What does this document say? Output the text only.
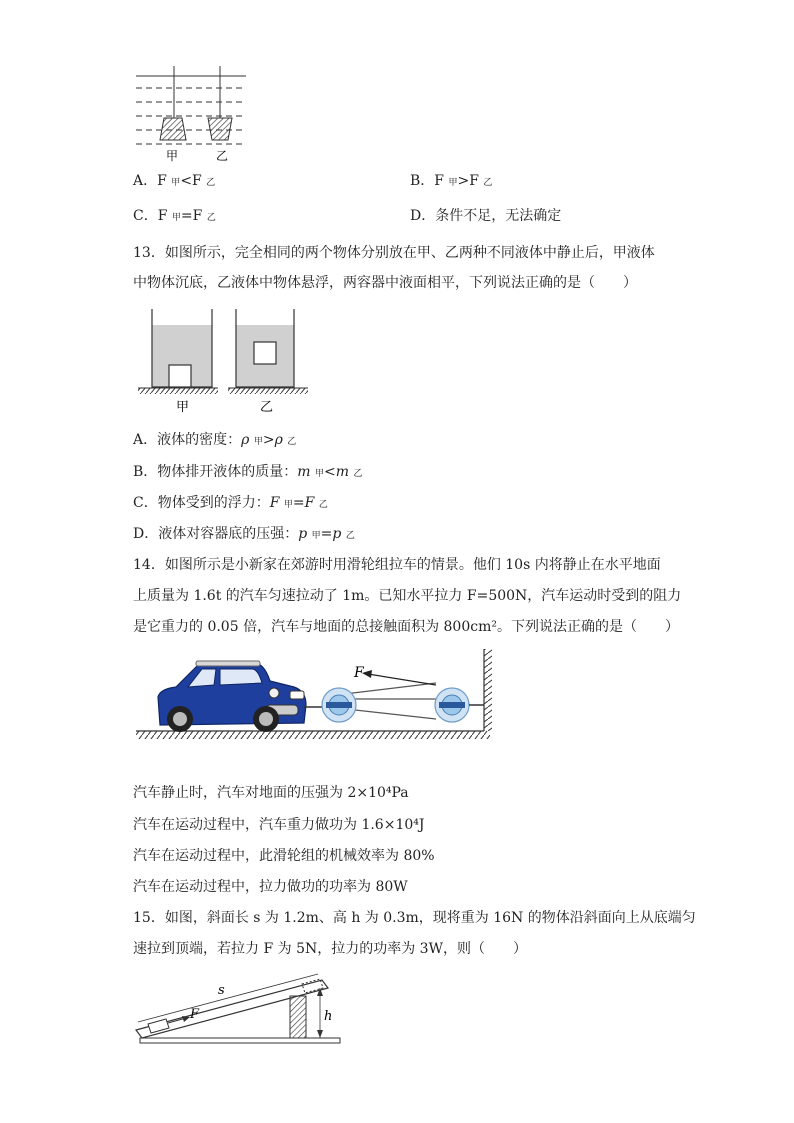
甲	乙
A．F 甲<F 乙	B．F 甲>F 乙
C．F 甲=F 乙	D．条件不足，无法确定
13．如图所示，完全相同的两个物体分别放在甲、乙两种不同液体中静止后，甲液体
中物体沉底，乙液体中物体悬浮，两容器中液面相平，下列说法正确的是（　　）
甲	乙
A．液体的密度：ρ 甲>ρ 乙
B．物体排开液体的质量：m 甲<m 乙
C．物体受到的浮力：F 甲=F 乙
D．液体对容器底的压强：p 甲=p 乙
14．如图所示是小新家在郊游时用滑轮组拉车的情景。他们 10s 内将静止在水平地面
上质量为 1.6t 的汽车匀速拉动了 1m。已知水平拉力 F=500N，汽车运动时受到的阻力
是它重力的 0.05 倍，汽车与地面的总接触面积为 800cm²。下列说法正确的是（　　）
F
汽车静止时，汽车对地面的压强为 2×10⁴Pa
汽车在运动过程中，汽车重力做功为 1.6×10⁴J
汽车在运动过程中，此滑轮组的机械效率为 80%
汽车在运动过程中，拉力做功的功率为 80W
15．如图，斜面长 s 为 1.2m、高 h 为 0.3m，现将重为 16N 的物体沿斜面向上从底端匀
速拉到顶端，若拉力 F 为 5N，拉力的功率为 3W，则（　　）
F
s
h
